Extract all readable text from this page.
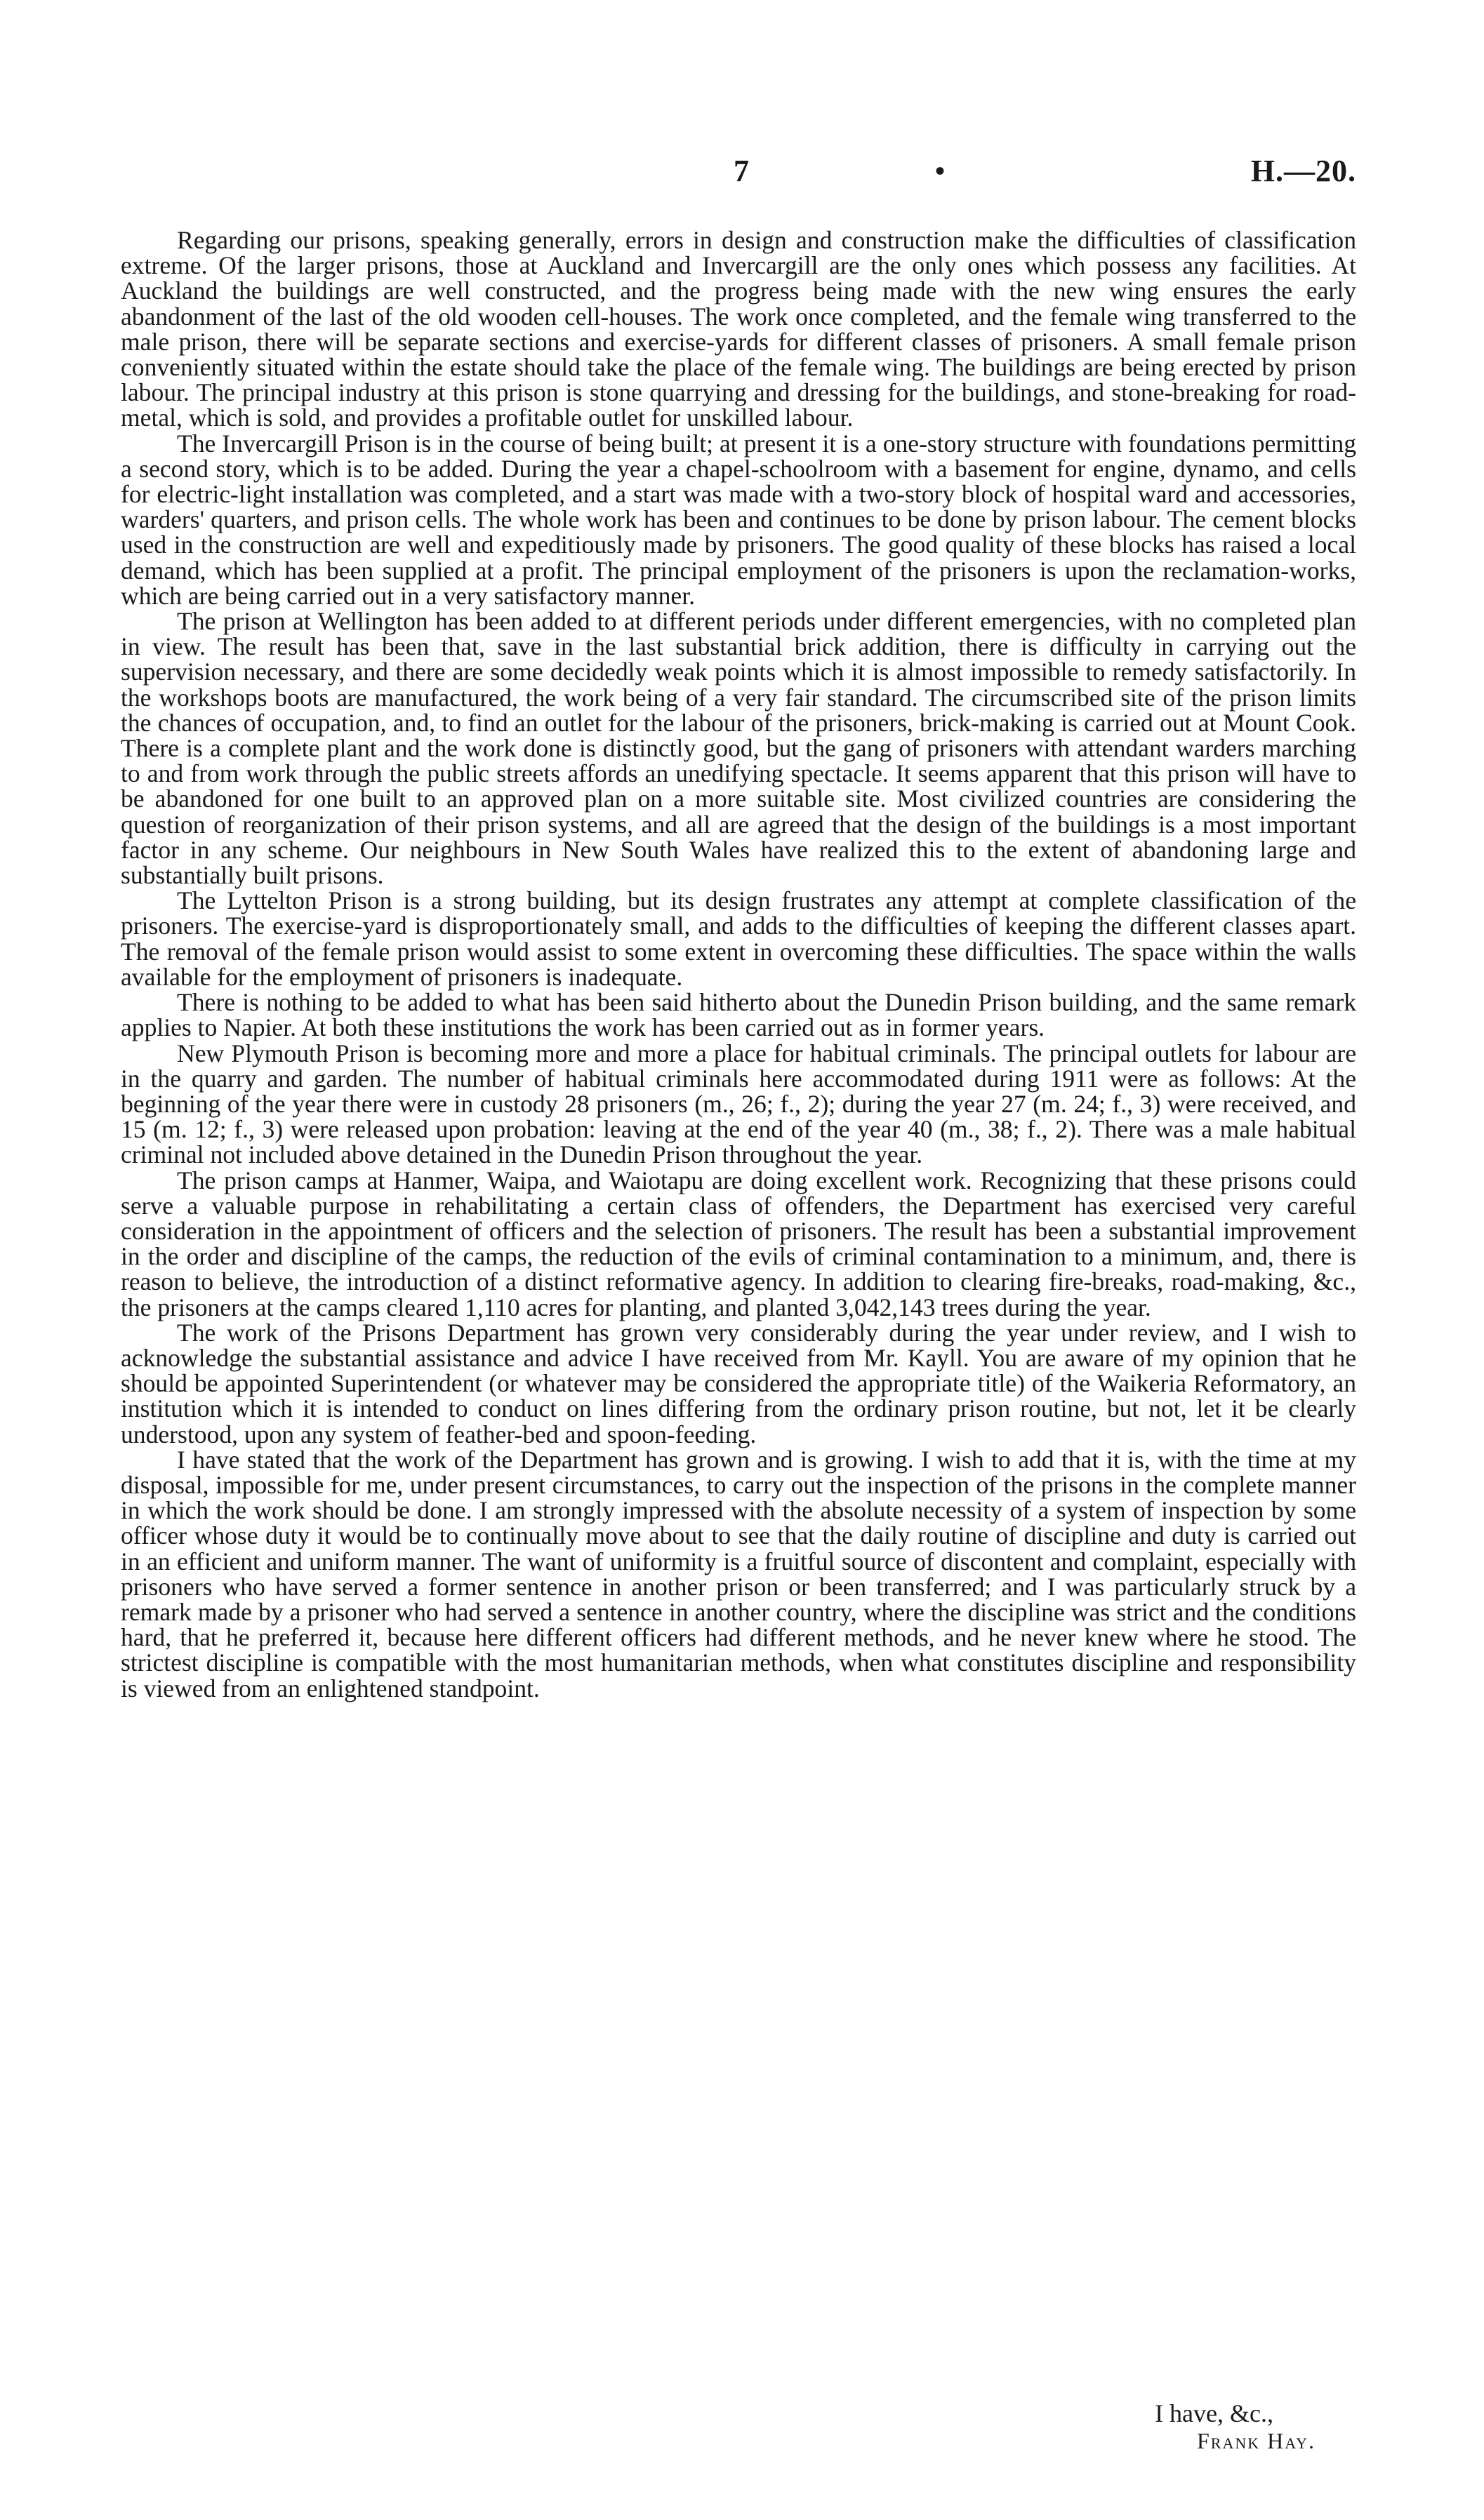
7	•	H.—20.

Regarding our prisons, speaking generally, errors in design and construction make the difficulties of classification extreme. Of the larger prisons, those at Auckland and Invercargill are the only ones which possess any facilities. At Auckland the buildings are well constructed, and the progress being made with the new wing ensures the early abandonment of the last of the old wooden cell-houses. The work once completed, and the female wing transferred to the male prison, there will be separate sections and exercise-yards for different classes of prisoners. A small female prison conveniently situated within the estate should take the place of the female wing. The buildings are being erected by prison labour. The principal industry at this prison is stone quarrying and dressing for the buildings, and stone-breaking for road-metal, which is sold, and provides a profitable outlet for unskilled labour.

The Invercargill Prison is in the course of being built; at present it is a one-story structure with foundations permitting a second story, which is to be added. During the year a chapel-schoolroom with a basement for engine, dynamo, and cells for electric-light installation was completed, and a start was made with a two-story block of hospital ward and accessories, warders' quarters, and prison cells. The whole work has been and continues to be done by prison labour. The cement blocks used in the construction are well and expeditiously made by prisoners. The good quality of these blocks has raised a local demand, which has been supplied at a profit. The principal employment of the prisoners is upon the reclamation-works, which are being carried out in a very satisfactory manner.

The prison at Wellington has been added to at different periods under different emergencies, with no completed plan in view. The result has been that, save in the last substantial brick addition, there is difficulty in carrying out the supervision necessary, and there are some decidedly weak points which it is almost impossible to remedy satisfactorily. In the workshops boots are manufactured, the work being of a very fair standard. The circumscribed site of the prison limits the chances of occupation, and, to find an outlet for the labour of the prisoners, brick-making is carried out at Mount Cook. There is a complete plant and the work done is distinctly good, but the gang of prisoners with attendant warders marching to and from work through the public streets affords an unedifying spectacle. It seems apparent that this prison will have to be abandoned for one built to an approved plan on a more suitable site. Most civilized countries are considering the question of reorganization of their prison systems, and all are agreed that the design of the buildings is a most important factor in any scheme. Our neighbours in New South Wales have realized this to the extent of abandoning large and substantially built prisons.

The Lyttelton Prison is a strong building, but its design frustrates any attempt at complete classification of the prisoners. The exercise-yard is disproportionately small, and adds to the difficulties of keeping the different classes apart. The removal of the female prison would assist to some extent in overcoming these difficulties. The space within the walls available for the employment of prisoners is inadequate.

There is nothing to be added to what has been said hitherto about the Dunedin Prison building, and the same remark applies to Napier. At both these institutions the work has been carried out as in former years.

New Plymouth Prison is becoming more and more a place for habitual criminals. The principal outlets for labour are in the quarry and garden. The number of habitual criminals here accommodated during 1911 were as follows: At the beginning of the year there were in custody 28 prisoners (m., 26; f., 2); during the year 27 (m. 24; f., 3) were received, and 15 (m. 12; f., 3) were released upon probation: leaving at the end of the year 40 (m., 38; f., 2). There was a male habitual criminal not included above detained in the Dunedin Prison throughout the year.

The prison camps at Hanmer, Waipa, and Waiotapu are doing excellent work. Recognizing that these prisons could serve a valuable purpose in rehabilitating a certain class of offenders, the Department has exercised very careful consideration in the appointment of officers and the selection of prisoners. The result has been a substantial improvement in the order and discipline of the camps, the reduction of the evils of criminal contamination to a minimum, and, there is reason to believe, the introduction of a distinct reformative agency. In addition to clearing fire-breaks, road-making, &c., the prisoners at the camps cleared 1,110 acres for planting, and planted 3,042,143 trees during the year.

The work of the Prisons Department has grown very considerably during the year under review, and I wish to acknowledge the substantial assistance and advice I have received from Mr. Kayll. You are aware of my opinion that he should be appointed Superintendent (or whatever may be considered the appropriate title) of the Waikeria Reformatory, an institution which it is intended to conduct on lines differing from the ordinary prison routine, but not, let it be clearly understood, upon any system of feather-bed and spoon-feeding.

I have stated that the work of the Department has grown and is growing. I wish to add that it is, with the time at my disposal, impossible for me, under present circumstances, to carry out the inspection of the prisons in the complete manner in which the work should be done. I am strongly impressed with the absolute necessity of a system of inspection by some officer whose duty it would be to continually move about to see that the daily routine of discipline and duty is carried out in an efficient and uniform manner. The want of uniformity is a fruitful source of discontent and complaint, especially with prisoners who have served a former sentence in another prison or been transferred; and I was particularly struck by a remark made by a prisoner who had served a sentence in another country, where the discipline was strict and the conditions hard, that he preferred it, because here different officers had different methods, and he never knew where he stood. The strictest discipline is compatible with the most humanitarian methods, when what constitutes discipline and responsibility is viewed from an enlightened standpoint.

I have, &c.,
Frank Hay.
